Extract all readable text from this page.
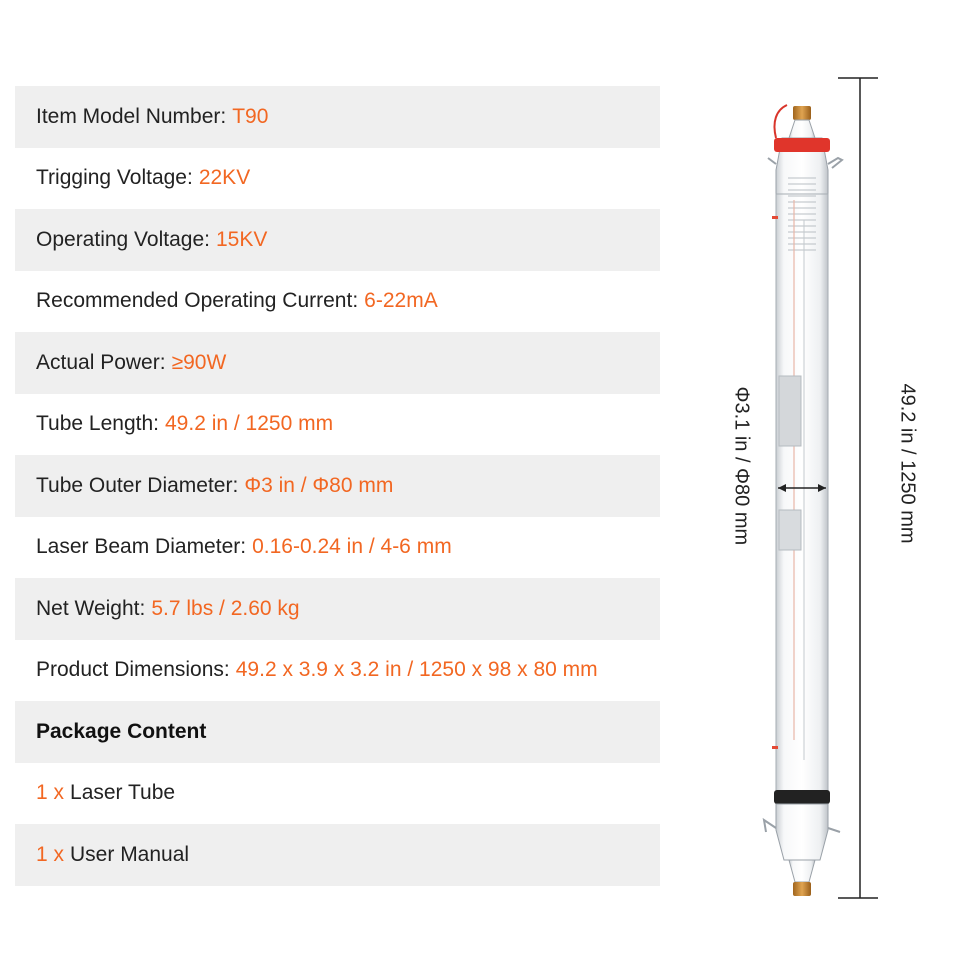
Item Model Number: T90
Trigging Voltage: 22KV
Operating Voltage: 15KV
Recommended Operating Current: 6-22mA
Actual Power: ≥90W
Tube Length: 49.2 in / 1250 mm
Tube Outer Diameter: Φ3 in / Φ80 mm
Laser Beam Diameter: 0.16-0.24 in / 4-6 mm
Net Weight: 5.7 lbs / 2.60 kg
Product Dimensions: 49.2 x 3.9 x 3.2 in / 1250 x 98 x 80 mm
Package Content
1 x Laser Tube
1 x User Manual
Φ3.1 in / Φ80 mm	49.2 in / 1250 mm
